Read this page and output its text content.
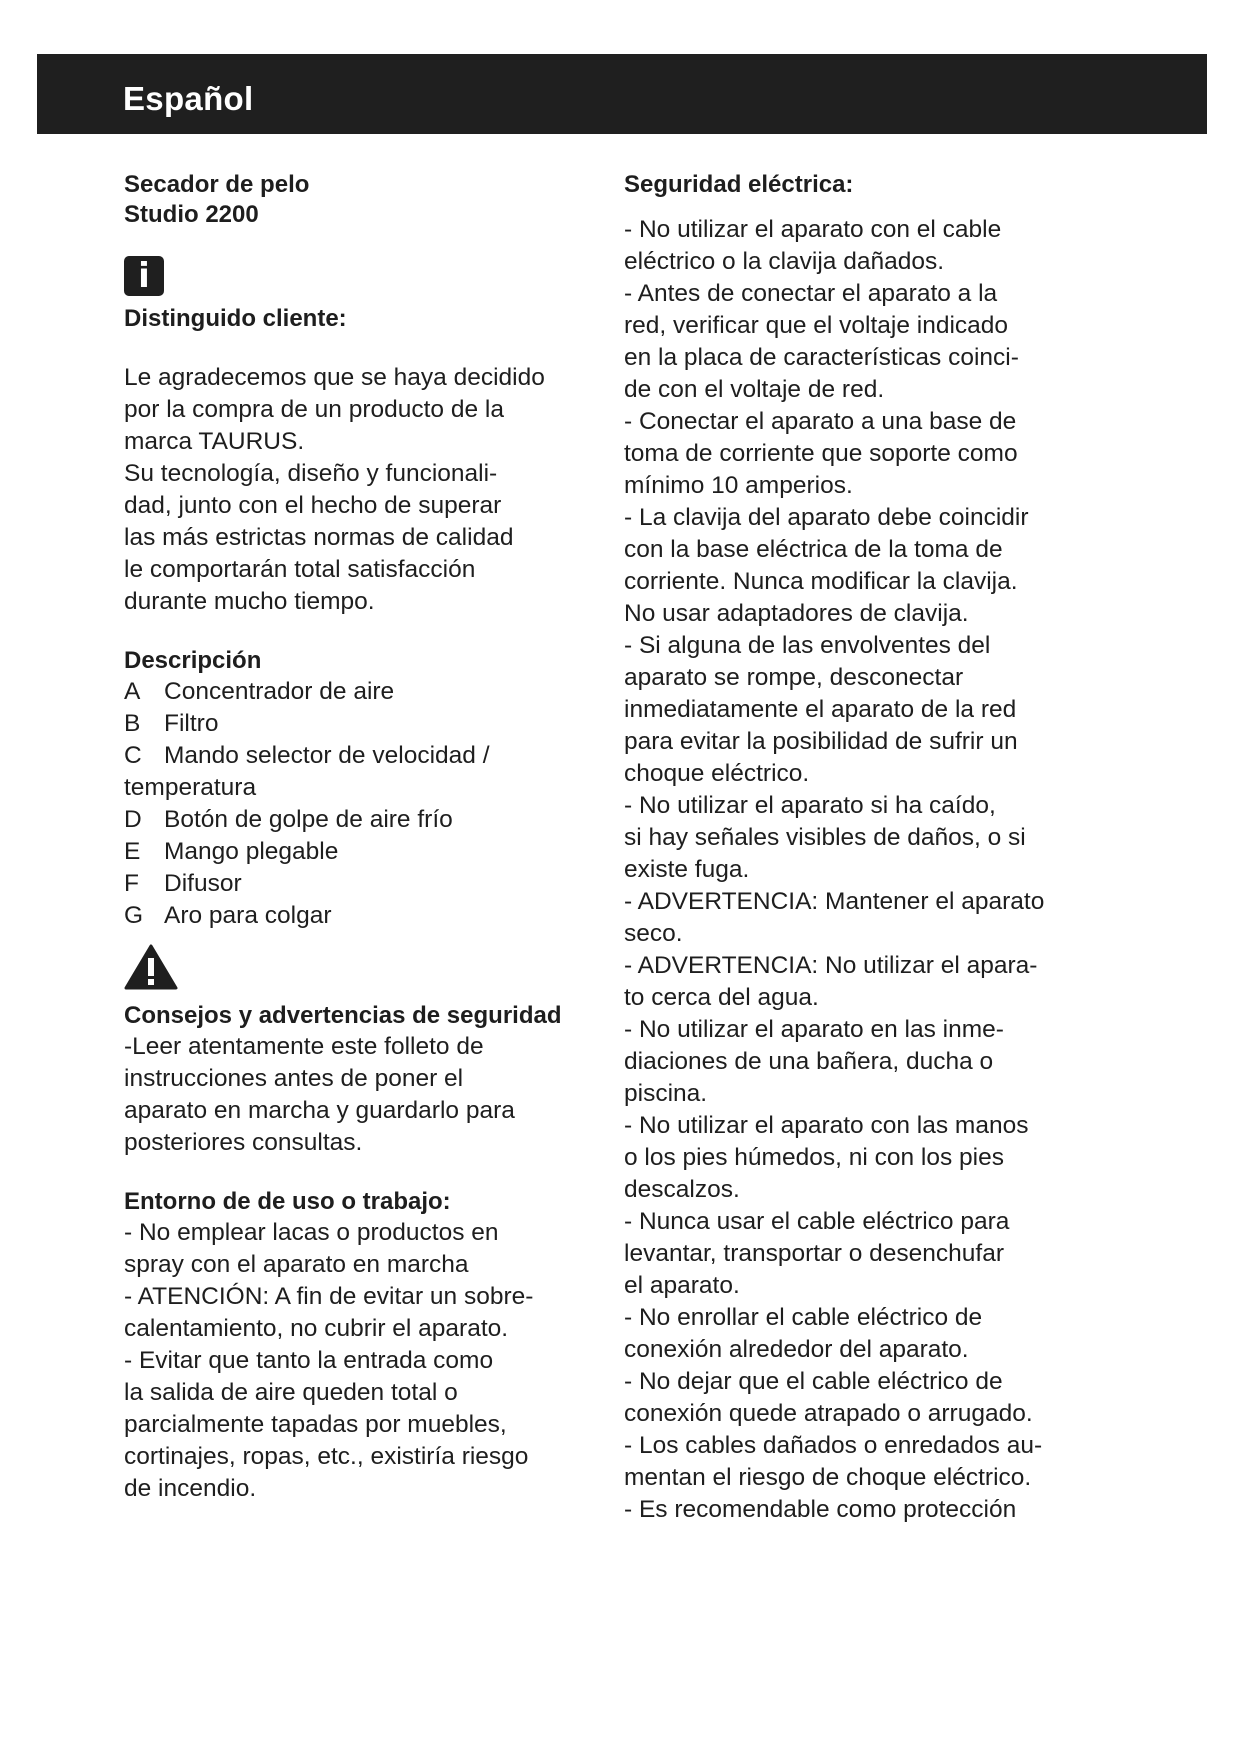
Español
Secador de pelo
Studio 2200
i
Distinguido cliente:
Le agradecemos que se haya decidido
por la compra de un producto de la
marca TAURUS.
Su tecnología, diseño y funcionali-
dad, junto con el hecho de superar
las más estrictas normas de calidad
le comportarán total satisfacción
durante mucho tiempo.
Descripción
A Concentrador de aire
B Filtro
C Mando selector de velocidad /
temperatura
D Botón de golpe de aire frío
E Mango plegable
F	Difusor
G Aro para colgar
Consejos y advertencias de seguridad
-Leer atentamente este folleto de
instrucciones antes de poner el
aparato en marcha y guardarlo para
posteriores consultas.
Entorno de de uso o trabajo:
- No emplear lacas o productos en
spray con el aparato en marcha
- ATENCIÓN: A fin de evitar un sobre-
calentamiento, no cubrir el aparato.
- Evitar que tanto la entrada como
la salida de aire queden total o
parcialmente tapadas por muebles,
cortinajes, ropas, etc., existiría riesgo
de incendio.
Seguridad eléctrica:
- No utilizar el aparato con el cable
eléctrico o la clavija dañados.
- Antes de conectar el aparato a la
red, verificar que el voltaje indicado
en la placa de características coinci-
de con el voltaje de red.
- Conectar el aparato a una base de
toma de corriente que soporte como
mínimo 10 amperios.
- La clavija del aparato debe coincidir
con la base eléctrica de la toma de
corriente. Nunca modificar la clavija.
No usar adaptadores de clavija.
- Si alguna de las envolventes del
aparato se rompe, desconectar
inmediatamente el aparato de la red
para evitar la posibilidad de sufrir un
choque eléctrico.
- No utilizar el aparato si ha caído,
si hay señales visibles de daños, o si
existe fuga.
- ADVERTENCIA: Mantener el aparato
seco.
- ADVERTENCIA: No utilizar el apara-
to cerca del agua.
- No utilizar el aparato en las inme-
diaciones de una bañera, ducha o
piscina.
- No utilizar el aparato con las manos
o los pies húmedos, ni con los pies
descalzos.
- Nunca usar el cable eléctrico para
levantar, transportar o desenchufar
el aparato.
- No enrollar el cable eléctrico de
conexión alrededor del aparato.
- No dejar que el cable eléctrico de
conexión quede atrapado o arrugado.
- Los cables dañados o enredados au-
mentan el riesgo de choque eléctrico.
- Es recomendable como protección
